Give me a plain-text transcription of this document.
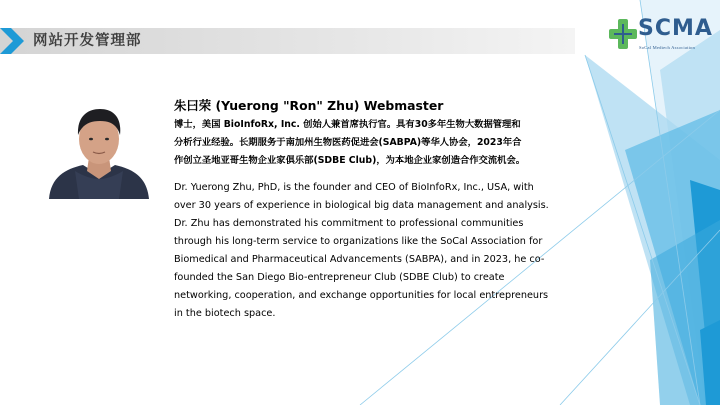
网站开发管理部	SCMA
SoCal Medtech Association
朱曰荣 (Yuerong "Ron" Zhu) Webmaster
博士，美国 BioInfoRx, Inc. 创始人兼首席执行官。具有30多年生物大数据管理和
分析行业经验。长期服务于南加州生物医药促进会(SABPA)等华人协会，2023年合
作创立圣地亚哥生物企业家俱乐部(SDBE Club)，为本地企业家创造合作交流机会。
Dr. Yuerong Zhu, PhD, is the founder and CEO of BioInfoRx, Inc., USA, with
over 30 years of experience in biological big data management and analysis.
Dr. Zhu has demonstrated his commitment to professional communities
through his long-term service to organizations like the SoCal Association for
Biomedical and Pharmaceutical Advancements (SABPA), and in 2023, he co-
founded the San Diego Bio-entrepreneur Club (SDBE Club) to create
networking, cooperation, and exchange opportunities for local entrepreneurs
in the biotech space.
